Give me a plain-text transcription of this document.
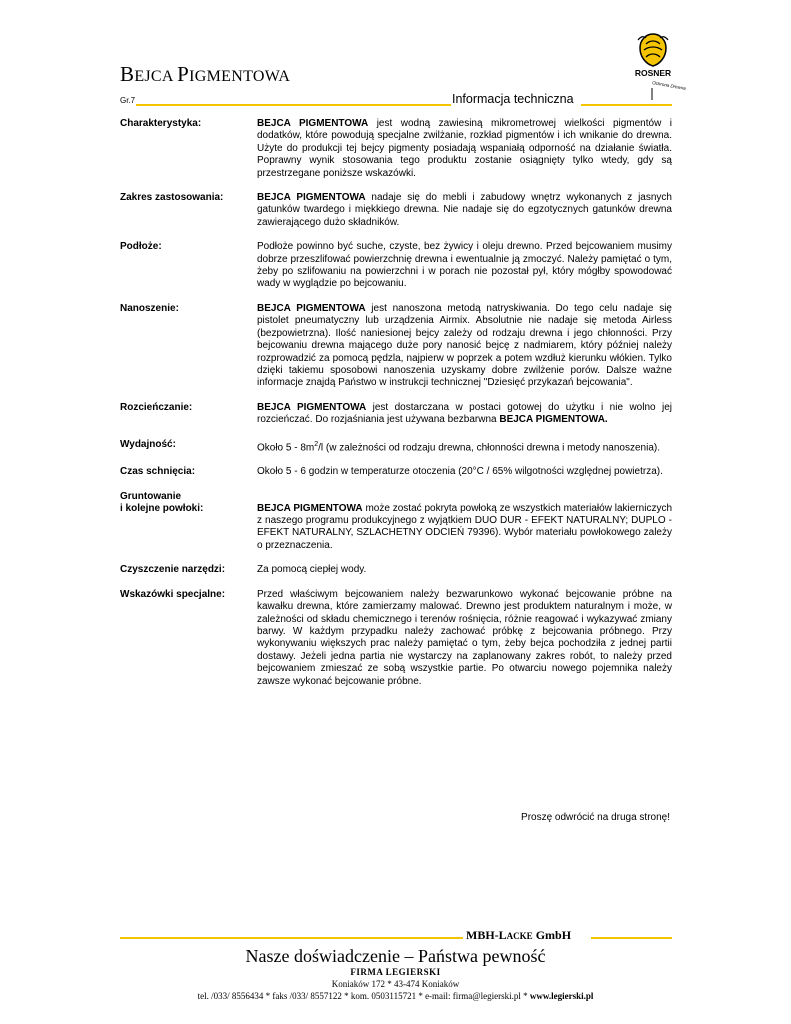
BEJCA PIGMENTOWA
Gr.7	Informacja techniczna
ROSNER
Ochrona Drewna
Charakterystyka:	BEJCA PIGMENTOWA jest wodną zawiesiną mikrometrowej wielkości pigmentów i dodatków, które powodują specjalne zwilżanie, rozkład pigmentów i ich wnikanie do drewna. Użyte do produkcji tej bejcy pigmenty posiadają wspaniałą odporność na działanie światła. Poprawny wynik stosowania tego produktu zostanie osiągnięty tylko wtedy, gdy są przestrzegane poniższe wskazówki.
Zakres zastosowania:	BEJCA PIGMENTOWA nadaje się do mebli i zabudowy wnętrz wykonanych z jasnych gatunków twardego i miękkiego drewna. Nie nadaje się do egzotycznych gatunków drewna zawierającego dużo składników.
Podłoże:	Podłoże powinno być suche, czyste, bez żywicy i oleju drewno. Przed bejcowaniem musimy dobrze przeszlifować powierzchnię drewna i ewentualnie ją zmoczyć. Należy pamiętać o tym, żeby po szlifowaniu na powierzchni i w porach nie pozostał pył, który mógłby spowodować wady w wyglądzie po bejcowaniu.
Nanoszenie:	BEJCA PIGMENTOWA jest nanoszona metodą natryskiwania. Do tego celu nadaje się pistolet pneumatyczny lub urządzenia Airmix. Absolutnie nie nadaje się metoda Airless (bezpowietrzna). Ilość naniesionej bejcy zależy od rodzaju drewna i jego chłonności. Przy bejcowaniu drewna mającego duże pory nanosić bejcę z nadmiarem, który później należy rozprowadzić za pomocą pędzla, najpierw w poprzek a potem wzdłuż kierunku włókien. Tylko dzięki takiemu sposobowi nanoszenia uzyskamy dobre zwilżenie porów. Dalsze ważne informacje znajdą Państwo w instrukcji technicznej "Dziesięć przykazań bejcowania".
Rozcieńczanie:	BEJCA PIGMENTOWA jest dostarczana w postaci gotowej do użytku i nie wolno jej rozcieńczać. Do rozjaśniania jest używana bezbarwna BEJCA PIGMENTOWA.
Wydajność:	Około $5 - 8m^2/l$ (w zależności od rodzaju drewna, chłonności drewna i metody nanoszenia).
Czas schnięcia:	Około 5 - 6 godzin w temperaturze otoczenia (20°C / 65% wilgotności względnej powietrza).
Gruntowanie
i kolejne powłoki:	BEJCA PIGMENTOWA może zostać pokryta powłoką ze wszystkich materiałów lakierniczych z naszego programu produkcyjnego z wyjątkiem DUO DUR - EFEKT NATURALNY; DUPLO - EFEKT NATURALNY, SZLACHETNY ODCIEŃ 79396). Wybór materiału powłokowego zależy o przeznaczenia.
Czyszczenie narzędzi:	Za pomocą ciepłej wody.
Wskazówki specjalne:	Przed właściwym bejcowaniem należy bezwarunkowo wykonać bejcowanie próbne na kawałku drewna, które zamierzamy malować. Drewno jest produktem naturalnym i może, w zależności od składu chemicznego i terenów rośnięcia, różnie reagować i wykazywać zmiany barwy. W każdym przypadku należy zachować próbkę z bejcowania próbnego. Przy wykonywaniu większych prac należy pamiętać o tym, żeby bejca pochodziła z jednej partii dostawy. Jeżeli jedna partia nie wystarczy na zaplanowany zakres robót, to należy przed bejcowaniem zmieszać ze sobą wszystkie partie. Po otwarciu nowego pojemnika należy zawsze wykonać bejcowanie próbne.
Proszę odwrócić na druga stronę!
MBH-LACKE GmbH
Nasze doświadczenie – Państwa pewność
FIRMA LEGIERSKI
Koniaków 172 * 43-474 Koniaków
tel. /033/ 8556434 * faks /033/ 8557122 * kom. 0503115721 * e-mail: firma@legierski.pl * www.legierski.pl
